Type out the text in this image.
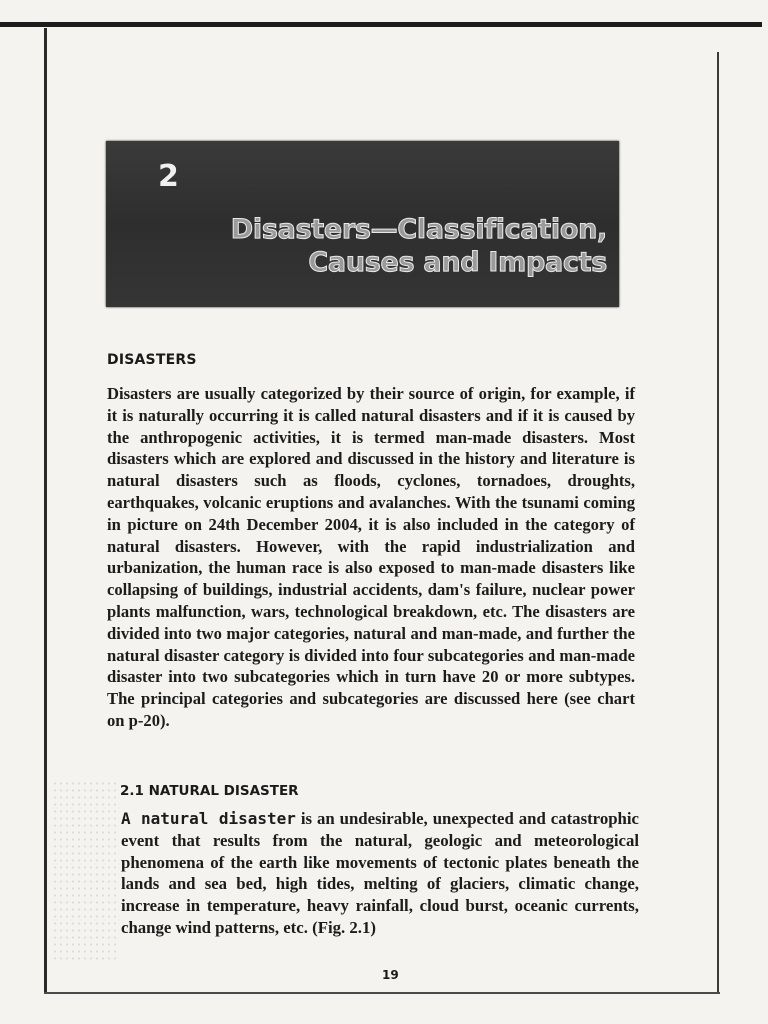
2
Disasters—Classification,
Causes and Impacts
DISASTERS
Disasters are usually categorized by their source of origin, for example, if it is naturally occurring it is called natural disasters and if it is caused by the anthropogenic activities, it is termed man-made disasters. Most disasters which are explored and discussed in the history and literature is natural disasters such as floods, cyclones, tornadoes, droughts, earthquakes, volcanic eruptions and avalanches. With the tsunami coming in picture on 24th December 2004, it is also included in the category of natural disasters. However, with the rapid industrialization and urbanization, the human race is also exposed to man-made disasters like collapsing of buildings, industrial accidents, dam's failure, nuclear power plants malfunction, wars, technological breakdown, etc. The disasters are divided into two major categories, natural and man-made, and further the natural disaster category is divided into four subcategories and man-made disaster into two subcategories which in turn have 20 or more subtypes. The principal categories and subcategories are discussed here (see chart on p-20).
2.1 NATURAL DISASTER
A natural disaster is an undesirable, unexpected and catastrophic event that results from the natural, geologic and meteorological phenomena of the earth like movements of tectonic plates beneath the lands and sea bed, high tides, melting of glaciers, climatic change, increase in temperature, heavy rainfall, cloud burst, oceanic currents, change wind patterns, etc. (Fig. 2.1)
19
